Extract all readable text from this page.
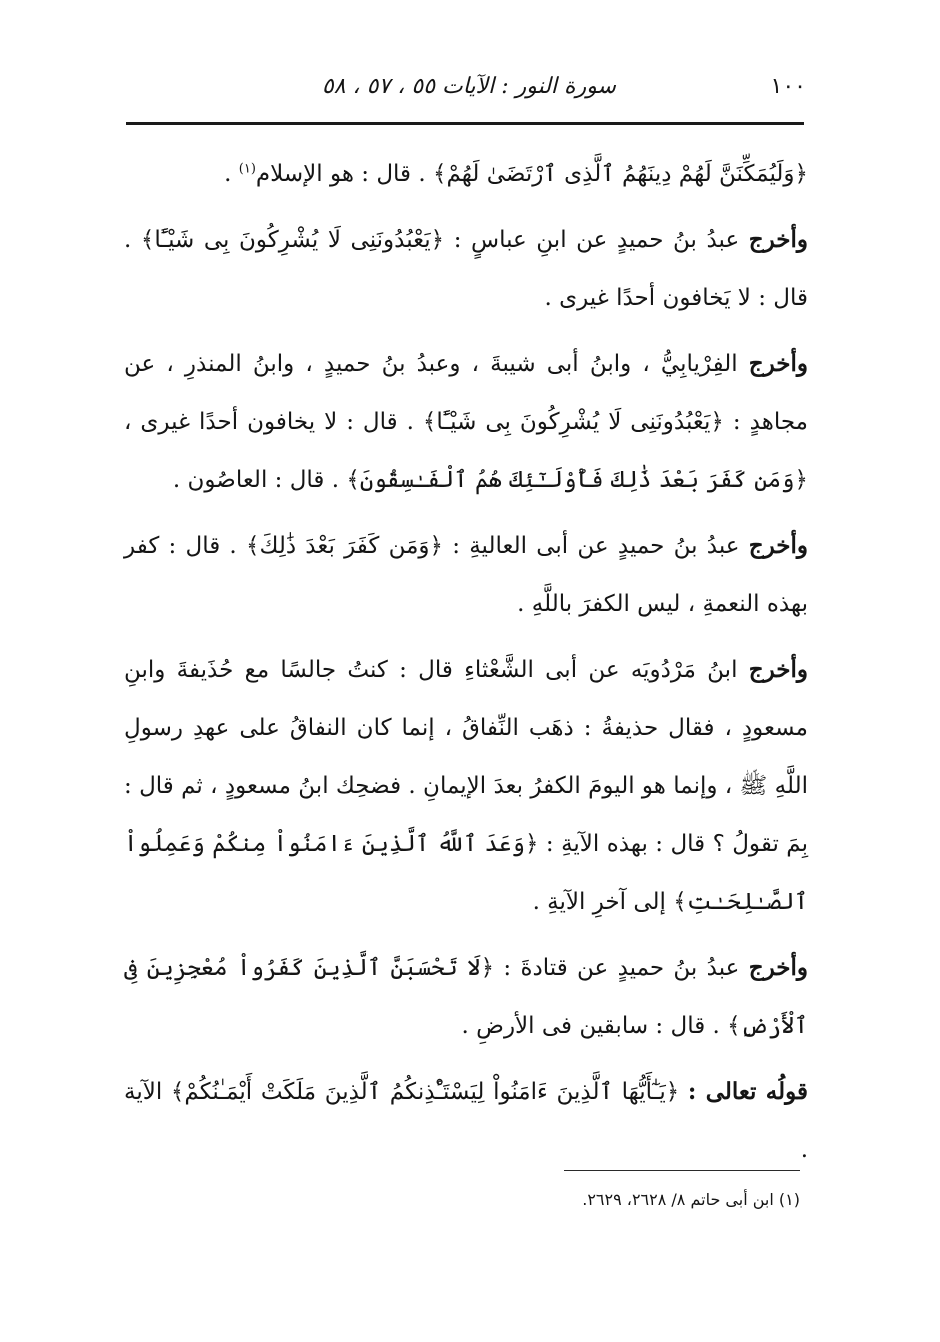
١٠٠
سورة النور : الآيات ٥٥ ، ٥٧ ، ٥٨

﴿وَلَيُمَكِّنَنَّ لَهُمْ دِينَهُمُ ٱلَّذِى ٱرْتَضَىٰ لَهُمْ﴾ . قال : هو الإسلام$^{(١)}$ .

وأخرج عبدُ بنُ حميدٍ عن ابنِ عباسٍ : ﴿يَعْبُدُونَنِى لَا يُشْرِكُونَ بِى شَيْـًٔا﴾ . قال : لا يَخافون أحدًا غيرى .

وأخرج الفِرْيابِيُّ ، وابنُ أبى شيبةَ ، وعبدُ بنُ حميدٍ ، وابنُ المنذرِ ، عن مجاهدٍ : ﴿يَعْبُدُونَنِى لَا يُشْرِكُونَ بِى شَيْـًٔا﴾ . قال : لا يخافون أحدًا غيرى ، ﴿وَمَن كَفَرَ بَعْدَ ذَٰلِكَ فَأُوْلَـٰٓئِكَ هُمُ ٱلْفَـٰسِقُونَ﴾ . قال : العاصُون .

وأخرج عبدُ بنُ حميدٍ عن أبى العاليةِ : ﴿وَمَن كَفَرَ بَعْدَ ذَٰلِكَ﴾ . قال : كفر بهذه النعمةِ ، ليس الكفرَ باللَّهِ .

وأخرج ابنُ مَرْدُويَه عن أبى الشَّعْثاءِ قال : كنتُ جالسًا مع حُذَيفةَ وابنِ مسعودٍ ، فقال حذيفةُ : ذهَب النِّفاقُ ، إنما كان النفاقُ على عهدِ رسولِ اللَّهِ ﷺ ، وإنما هو اليومَ الكفرُ بعدَ الإيمانِ . فضحِك ابنُ مسعودٍ ، ثم قال : بِمَ تقولُ ؟ قال : بهذه الآيةِ : ﴿وَعَدَ ٱللَّهُ ٱلَّذِينَ ءَامَنُواْ مِنكُمْ وَعَمِلُواْ ٱلصَّـٰلِحَـٰتِ﴾ إلى آخرِ الآيةِ .

وأخرج عبدُ بنُ حميدٍ عن قتادةَ : ﴿لَا تَحْسَبَنَّ ٱلَّذِينَ كَفَرُواْ مُعْجِزِينَ فِى ٱلْأَرْضِ﴾ . قال : سابقين فى الأرضِ .

قولُه تعالى : ﴿يَـٰٓأَيُّهَا ٱلَّذِينَ ءَامَنُواْ لِيَسْتَـْٔذِنكُمُ ٱلَّذِينَ مَلَكَتْ أَيْمَـٰنُكُمْ﴾ الآية .

(١) ابن أبى حاتم ٨/ ٢٦٢٨، ٢٦٢٩.
